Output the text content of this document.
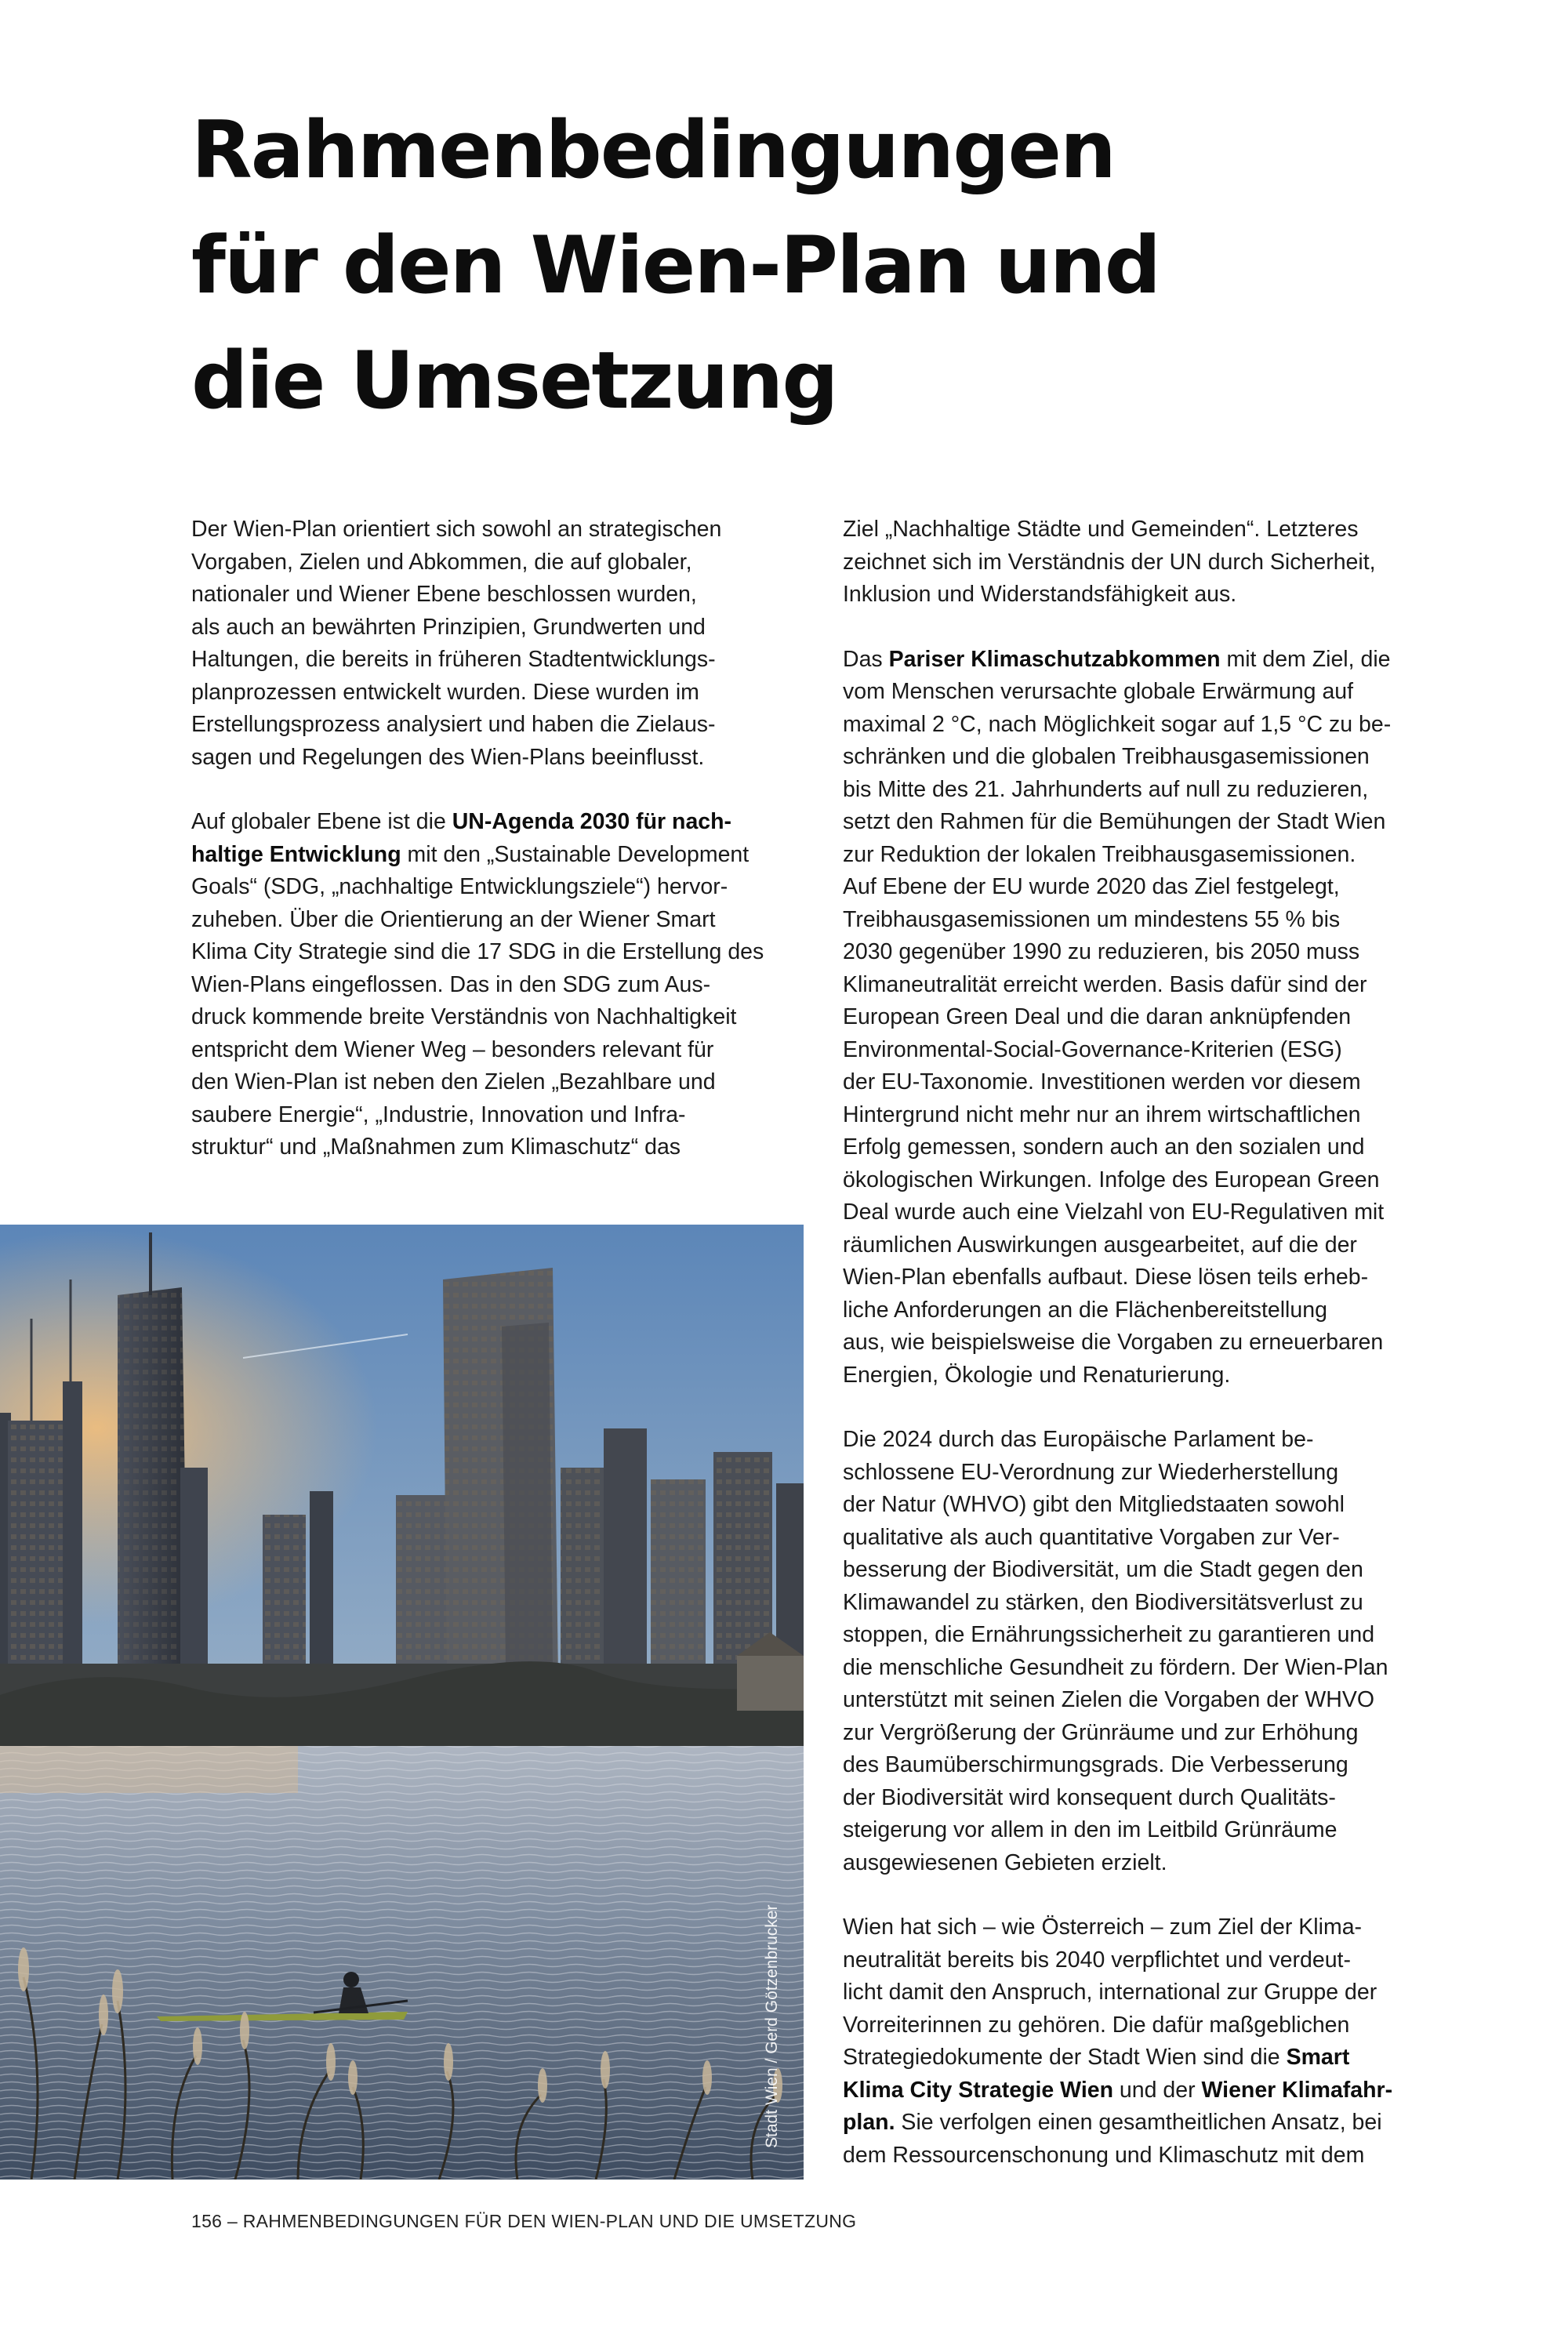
Rahmenbedingungen
für den Wien-Plan und
die Umsetzung

Der Wien-Plan orientiert sich sowohl an strategischen
Vorgaben, Zielen und Abkommen, die auf globaler,
nationaler und Wiener Ebene beschlossen wurden,
als auch an bewährten Prinzipien, Grundwerten und
Haltungen, die bereits in früheren Stadtentwicklungs-
planprozessen entwickelt wurden. Diese wurden im
Erstellungsprozess analysiert und haben die Zielaus-
sagen und Regelungen des Wien-Plans beeinflusst.

Auf globaler Ebene ist die UN-Agenda 2030 für nach-
haltige Entwicklung mit den „Sustainable Development
Goals“ (SDG, „nachhaltige Entwicklungsziele“) hervor-
zuheben. Über die Orientierung an der Wiener Smart
Klima City Strategie sind die 17 SDG in die Erstellung des
Wien-Plans eingeflossen. Das in den SDG zum Aus-
druck kommende breite Verständnis von Nachhaltigkeit
entspricht dem Wiener Weg – besonders relevant für
den Wien-Plan ist neben den Zielen „Bezahlbare und
saubere Energie“, „Industrie, Innovation und Infra-
struktur“ und „Maßnahmen zum Klimaschutz“ das

Ziel „Nachhaltige Städte und Gemeinden“. Letzteres
zeichnet sich im Verständnis der UN durch Sicherheit,
Inklusion und Widerstandsfähigkeit aus.

Das Pariser Klimaschutzabkommen mit dem Ziel, die
vom Menschen verursachte globale Erwärmung auf
maximal 2 °C, nach Möglichkeit sogar auf 1,5 °C zu be-
schränken und die globalen Treibhausgasemissionen
bis Mitte des 21. Jahrhunderts auf null zu reduzieren,
setzt den Rahmen für die Bemühungen der Stadt Wien
zur Reduktion der lokalen Treibhausgasemissionen.
Auf Ebene der EU wurde 2020 das Ziel festgelegt,
Treibhausgasemissionen um mindestens 55 % bis
2030 gegenüber 1990 zu reduzieren, bis 2050 muss
Klimaneutralität erreicht werden. Basis dafür sind der
European Green Deal und die daran anknüpfenden
Environmental-Social-Governance-Kriterien (ESG)
der EU-Taxonomie. Investitionen werden vor diesem
Hintergrund nicht mehr nur an ihrem wirtschaftlichen
Erfolg gemessen, sondern auch an den sozialen und
ökologischen Wirkungen. Infolge des European Green
Deal wurde auch eine Vielzahl von EU-Regulativen mit
räumlichen Auswirkungen ausgearbeitet, auf die der
Wien-Plan ebenfalls aufbaut. Diese lösen teils erheb-
liche Anforderungen an die Flächenbereitstellung
aus, wie beispielsweise die Vorgaben zu erneuerbaren
Energien, Ökologie und Renaturierung.

Die 2024 durch das Europäische Parlament be-
schlossene EU-Verordnung zur Wiederherstellung
der Natur (WHVO) gibt den Mitgliedstaaten sowohl
qualitative als auch quantitative Vorgaben zur Ver-
besserung der Biodiversität, um die Stadt gegen den
Klimawandel zu stärken, den Biodiversitätsverlust zu
stoppen, die Ernährungssicherheit zu garantieren und
die menschliche Gesundheit zu fördern. Der Wien-Plan
unterstützt mit seinen Zielen die Vorgaben der WHVO
zur Vergrößerung der Grünräume und zur Erhöhung
des Baumüberschirmungsgrads. Die Verbesserung
der Biodiversität wird konsequent durch Qualitäts-
steigerung vor allem in den im Leitbild Grünräume
ausgewiesenen Gebieten erzielt.

Wien hat sich – wie Österreich – zum Ziel der Klima-
neutralität bereits bis 2040 verpflichtet und verdeut-
licht damit den Anspruch, international zur Gruppe der
Vorreiterinnen zu gehören. Die dafür maßgeblichen
Strategiedokumente der Stadt Wien sind die Smart
Klima City Strategie Wien und der Wiener Klimafahr-
plan. Sie verfolgen einen gesamtheitlichen Ansatz, bei
dem Ressourcenschonung und Klimaschutz mit dem

Stadt Wien / Gerd Götzenbrucker
156 – RAHMENBEDINGUNGEN FÜR DEN WIEN-PLAN UND DIE UMSETZUNG
